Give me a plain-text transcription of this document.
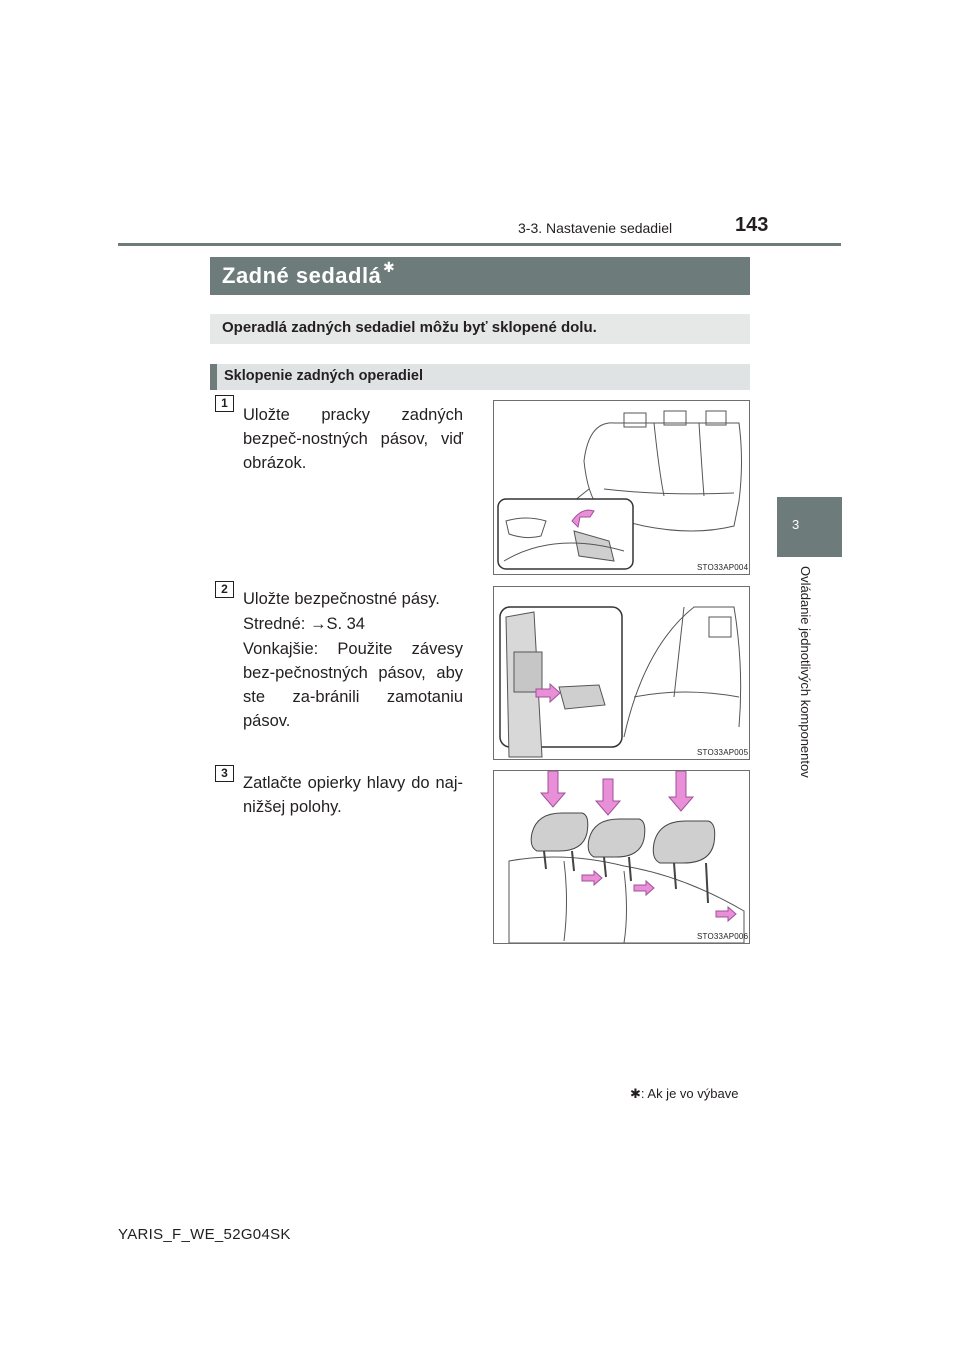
3-3. Nastavenie sedadiel	143
3
Ovládanie jednotlivých komponentov
Zadné sedadlá ✱
Operadlá zadných sedadiel môžu byť sklopené dolu.
Sklopenie zadných operadiel
1
Uložte pracky zadných bezpeč-nostných pásov, viď obrázok.
STO33AP004
2
Uložte bezpečnostné pásy.
Stredné: →S. 34
Vonkajšie: Použite závesy bez-pečnostných pásov, aby ste za-bránili zamotaniu pásov.
STO33AP005
3
Zatlačte opierky hlavy do naj-nižšej polohy.
STO33AP006
✱: Ak je vo výbave
YARIS_F_WE_52G04SK
